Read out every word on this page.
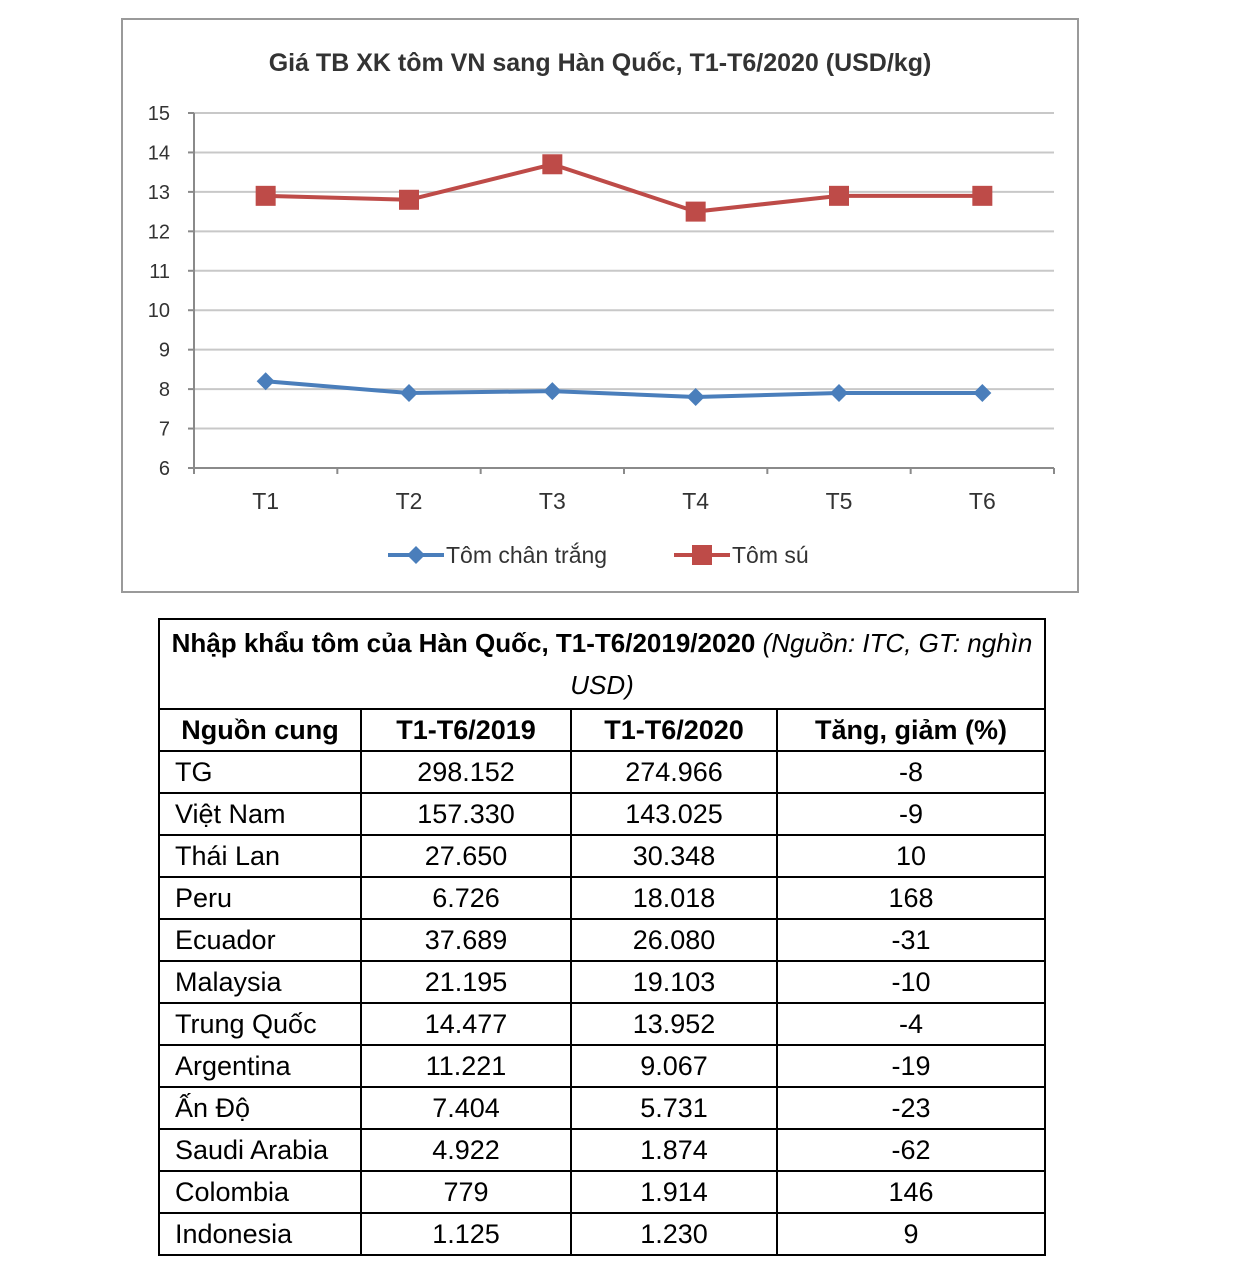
Giá TB XK tôm VN sang Hàn Quốc, T1-T6/2020 (USD/kg)
6
7
8
9
10
11
12
13
14
15
T1	T2	T3	T4	T5	T6
Tôm chân trắng	Tôm sú
Nhập khẩu tôm của Hàn Quốc, T1-T6/2019/2020 (Nguồn: ITC, GT: nghìn USD)			
Nguồn cung	T1-T6/2019	T1-T6/2020	Tăng, giảm (%)
TG	298.152	274.966	-8
Việt Nam	157.330	143.025	-9
Thái Lan	27.650	30.348	10
Peru	6.726	18.018	168
Ecuador	37.689	26.080	-31
Malaysia	21.195	19.103	-10
Trung Quốc	14.477	13.952	-4
Argentina	11.221	9.067	-19
Ấn Độ	7.404	5.731	-23
Saudi Arabia	4.922	1.874	-62
Colombia	779	1.914	146
Indonesia	1.125	1.230	9
